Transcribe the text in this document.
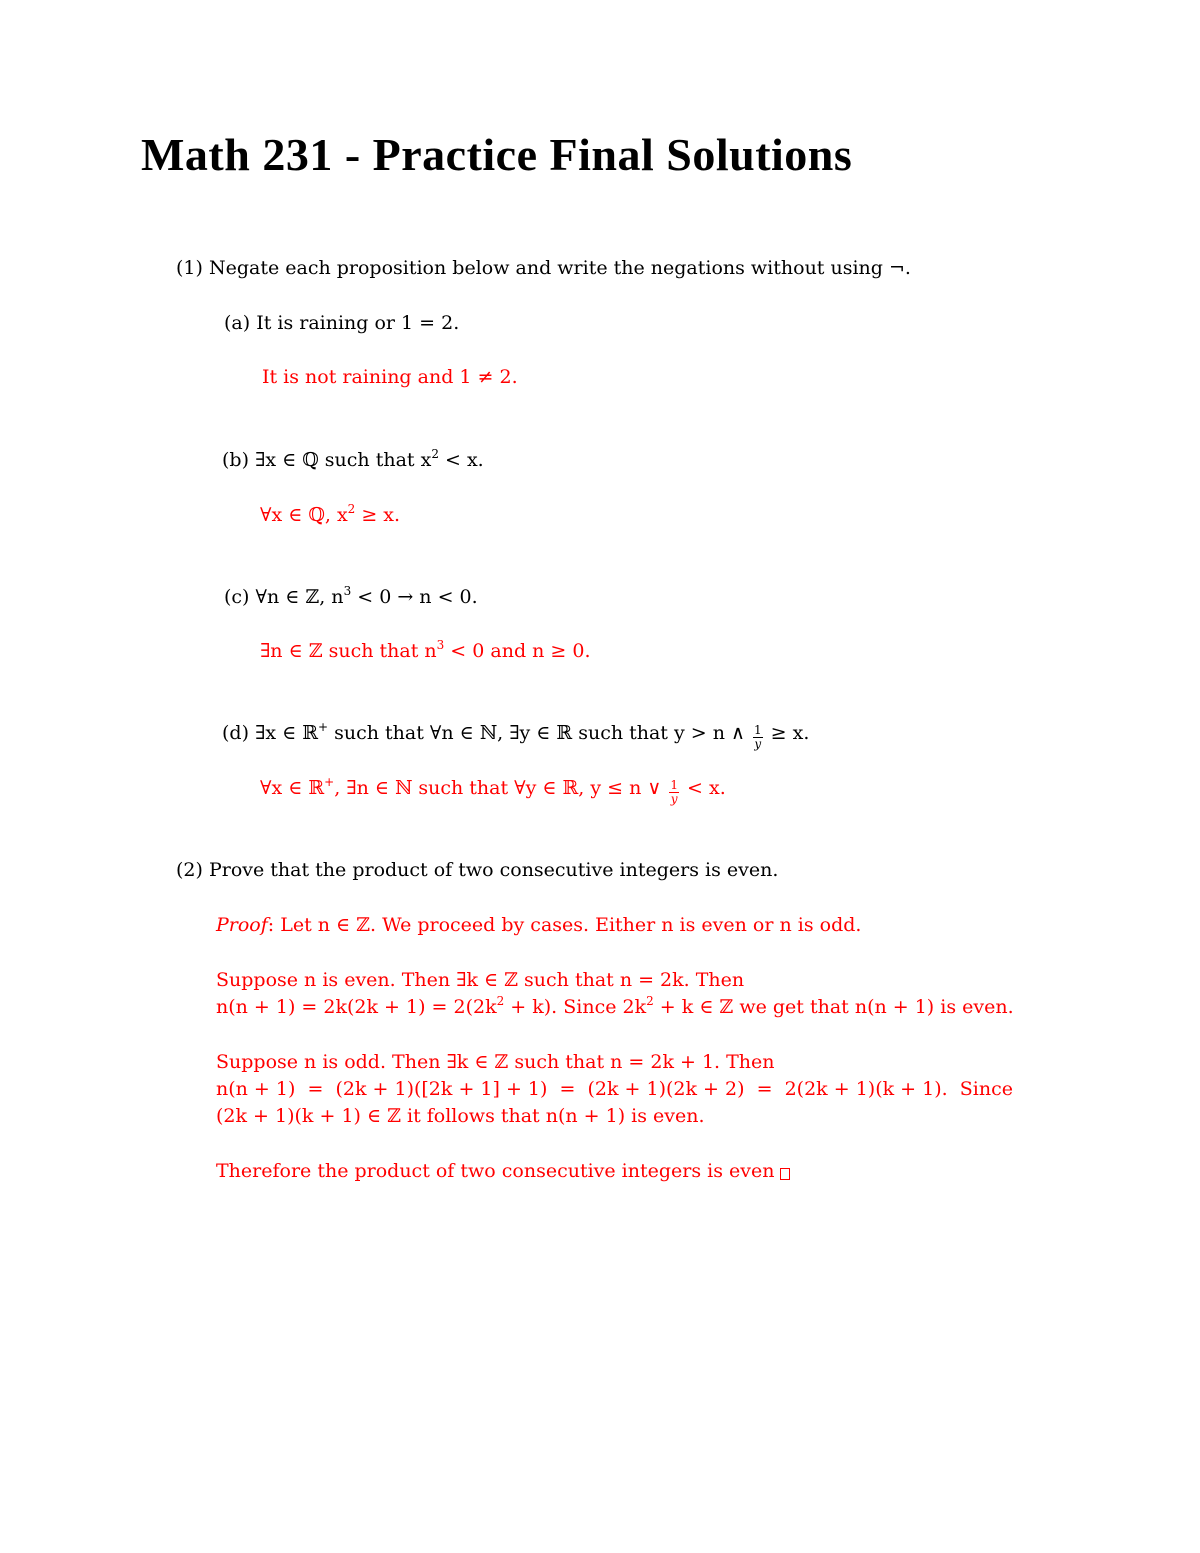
Math 231 - Practice Final Solutions
(1) Negate each proposition below and write the negations without using ¬.
(a) It is raining or 1 = 2.
It is not raining and 1 ≠ 2.
(b) ∃x ∈ ℚ such that $x^2 < x$.
∀x ∈ ℚ, $x^2 \ge x$.
(c) ∀n ∈ ℤ, $n^3 < 0 \to n < 0$.
∃n ∈ ℤ such that $n^3 < 0$ and n ≥ 0.
(d) ∃x ∈ ℝ+ such that ∀n ∈ ℕ, ∃y ∈ ℝ such that y > n ∧ $\frac{1}{y} \ge x$.
∀x ∈ ℝ+, ∃n ∈ ℕ such that ∀y ∈ ℝ, y ≤ n ∨ $\frac{1}{y} < x$.
(2) Prove that the product of two consecutive integers is even.
Proof: Let n ∈ ℤ. We proceed by cases. Either n is even or n is odd.
Suppose n is even. Then ∃k ∈ ℤ such that n = 2k. Then
$n(n + 1) = 2k(2k + 1) = 2(2k^2 + k)$. Since $2k^2 + k$ ∈ ℤ we get that n(n + 1) is even.
Suppose n is odd. Then ∃k ∈ ℤ such that n = 2k + 1. Then
n(n + 1)  =  (2k + 1)([2k + 1] + 1)  =  (2k + 1)(2k + 2)  =  2(2k + 1)(k + 1).  Since
(2k + 1)(k + 1) ∈ ℤ it follows that n(n + 1) is even.
Therefore the product of two consecutive integers is even
